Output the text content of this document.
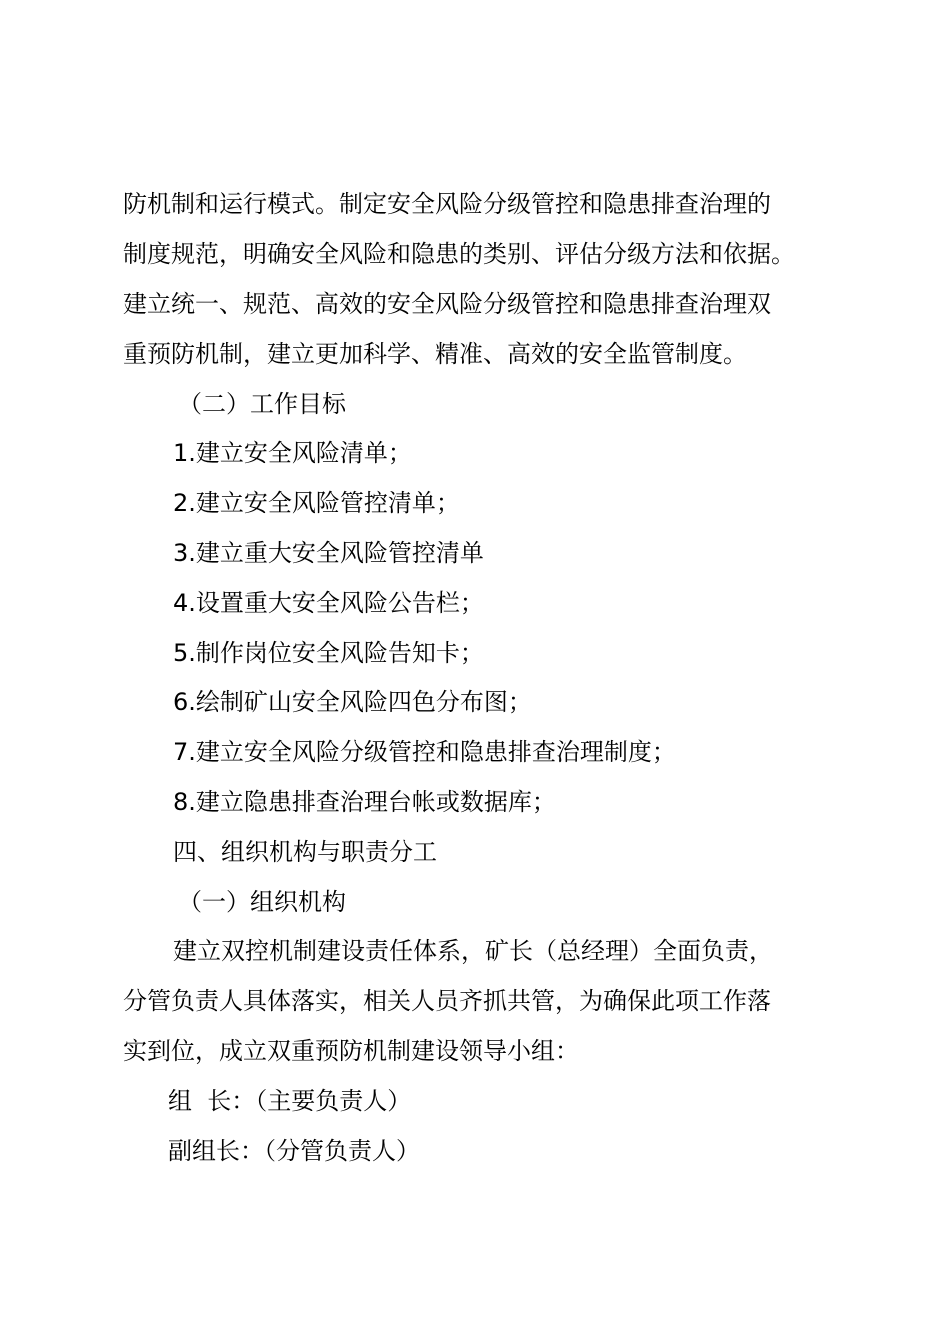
防机制和运行模式。制定安全风险分级管控和隐患排查治理的
制度规范，明确安全风险和隐患的类别、评估分级方法和依据。
建立统一、规范、高效的安全风险分级管控和隐患排查治理双
重预防机制，建立更加科学、精准、高效的安全监管制度。
（二）工作目标
1.建立安全风险清单；
2.建立安全风险管控清单；
3.建立重大安全风险管控清单
4.设置重大安全风险公告栏；
5.制作岗位安全风险告知卡；
6.绘制矿山安全风险四色分布图；
7.建立安全风险分级管控和隐患排查治理制度；
8.建立隐患排查治理台帐或数据库；
四、组织机构与职责分工
（一）组织机构
建立双控机制建设责任体系，矿长（总经理）全面负责，
分管负责人具体落实，相关人员齐抓共管，为确保此项工作落
实到位，成立双重预防机制建设领导小组：
组  长：（主要负责人）
副组长：（分管负责人）
